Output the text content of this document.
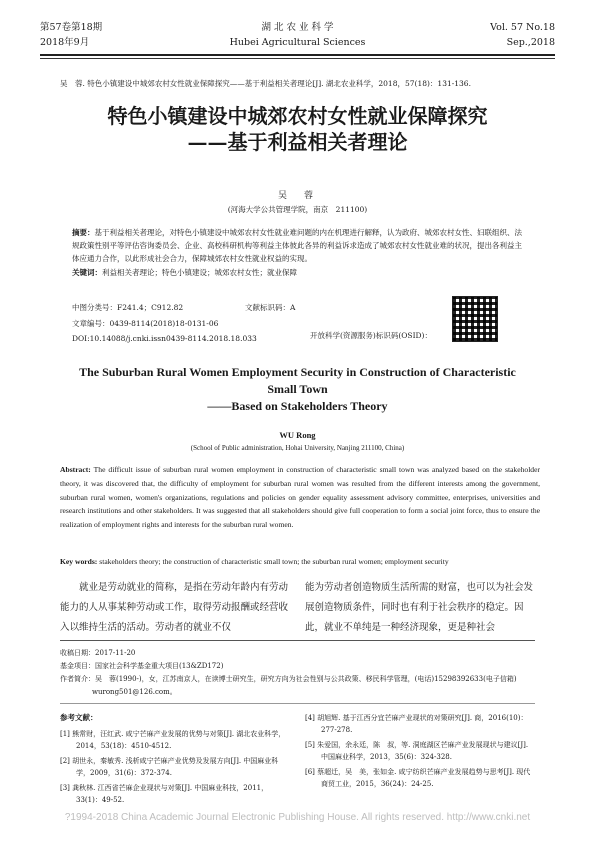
第57卷第18期
2018年9月
湖 北 农 业 科 学
Hubei Agricultural Sciences
Vol. 57 No.18
Sep.,2018
吴　蓉. 特色小镇建设中城郊农村女性就业保障探究——基于利益相关者理论[J]. 湖北农业科学，2018，57(18)：131-136.
特色小镇建设中城郊农村女性就业保障探究
——基于利益相关者理论
吴　蓉
(河海大学公共管理学院，南京　211100)
摘要：基于利益相关者理论，对特色小镇建设中城郊农村女性就业难问题的内在机理进行解释，认为政府、城郊农村女性、妇联组织、法规政策性别平等评估咨询委员会、企业、高校科研机构等利益主体彼此各异的利益诉求造成了城郊农村女性就业难的状况，提出各利益主体应通力合作，以此形成社会合力，保障城郊农村女性就业权益的实现。
关键词：利益相关者理论；特色小镇建设；城郊农村女性；就业保障
中图分类号：F241.4；C912.82	文献标识码：A
文章编号：0439-8114(2018)18-0131-06
DOI:10.14088/j.cnki.issn0439-8114.2018.18.033	开放科学(资源服务)标识码(OSID)：
The Suburban Rural Women Employment Security in Construction of Characteristic
Small Town
——Based on Stakeholders Theory
WU Rong
(School of Public administration, Hohai University, Nanjing 211100, China)
Abstract: The difficult issue of suburban rural women employment in construction of characteristic small town was analyzed based on the stakeholder theory, it was discovered that, the difficulty of employment for suburban rural women was resulted from the different interests among the government, suburban rural women, women's organizations, regulations and policies on gender equality assessment advisory committee, enterprises, universities and research institutions and other stakeholders. It was suggested that all stakeholders should give full cooperation to form a social joint force, thus to ensure the realization of employment rights and interests for the suburban rural women.
Key words: stakeholders theory; the construction of characteristic small town; the suburban rural women; employment security
就业是劳动就业的简称，是指在劳动年龄内有劳动能力的人从事某种劳动或工作，取得劳动报酬或经营收入以维持生活的活动。劳动者的就业不仅
能为劳动者创造物质生活所需的财富，也可以为社会发展创造物质条件，同时也有利于社会秩序的稳定。因此，就业不单纯是一种经济现象，更是种社会
收稿日期：2017-11-20
基金项目：国家社会科学基金重大项目(13&ZD172)
作者简介：吴　蓉(1990-)，女，江苏南京人，在读博士研究生，研究方向为社会性别与公共政策、移民科学管理，(电话)15298392633(电子信箱)
wurong501@126.com。
参考文献：
[1] 熊常财，汪红武. 咸宁芒麻产业发展的优势与对策[J]. 湖北农业科学，2014，53(18)：4510-4512.
[2] 胡世永，秦敏秀. 浅析咸宁芒麻产业优势及发展方向[J]. 中国麻业科学，2009，31(6)：372-374.
[3] 龚秋林. 江西省芒麻企业现状与对策[J]. 中国麻业科技，2011，33(1)：49-52.
[4] 胡旭辉. 基于江西分宜芒麻产业现状的对策研究[J]. 商，2016(10)：277-278.
[5] 朱爱国，余永廷，陈　叔，等. 洞庭湖区芒麻产业发展现状与建议[J]. 中国麻业科学，2013，35(6)：324-328.
[6] 蔡超迁，吴　美，张如金. 咸宁纺织芒麻产业发展趋势与思考[J]. 现代商贸工业，2015，36(24)：24-25.
?1994-2018 China Academic Journal Electronic Publishing House. All rights reserved. http://www.cnki.net
